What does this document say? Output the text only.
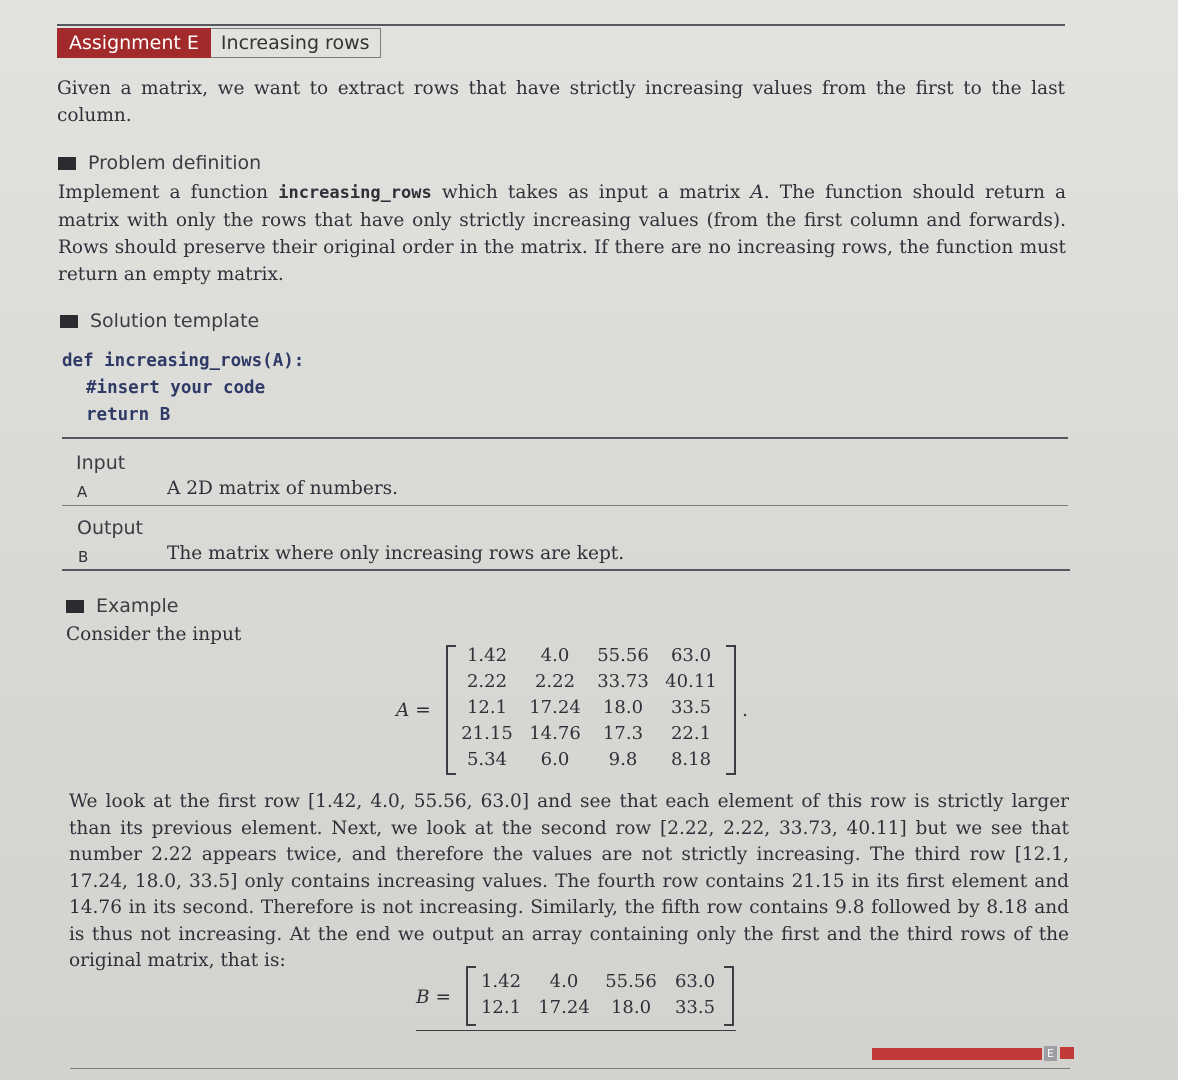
Assignment E	Increasing rows
Given a matrix, we want to extract rows that have strictly increasing values from the first to the last column.
Problem definition
Implement a function increasing_rows which takes as input a matrix A. The function should return a matrix with only the rows that have only strictly increasing values (from the first column and forwards). Rows should preserve their original order in the matrix. If there are no increasing rows, the function must return an empty matrix.
Solution template
def increasing_rows(A):
#insert your code
return B
Input
A	A 2D matrix of numbers.
Output
B	The matrix where only increasing rows are kept.
Example
Consider the input
A =
1.42	4.0	55.56	63.0
2.22	2.22	33.73 40.11
12.1	17.24	18.0	33.5
21.15 14.76	17.3	22.1
5.34	6.0	9.8	8.18
.
We look at the first row [1.42, 4.0, 55.56, 63.0] and see that each element of this row is strictly larger than its previous element. Next, we look at the second row [2.22, 2.22, 33.73, 40.11] but we see that number 2.22 appears twice, and therefore the values are not strictly increasing. The third row [12.1, 17.24, 18.0, 33.5] only contains increasing values. The fourth row contains 21.15 in its first element and 14.76 in its second. Therefore is not increasing. Similarly, the fifth row contains 9.8 followed by 8.18 and is thus not increasing. At the end we output an array containing only the first and the third rows of the original matrix, that is:
B =
1.42	4.0	55.56	63.0
12.1 17.24	18.0	33.5
E
